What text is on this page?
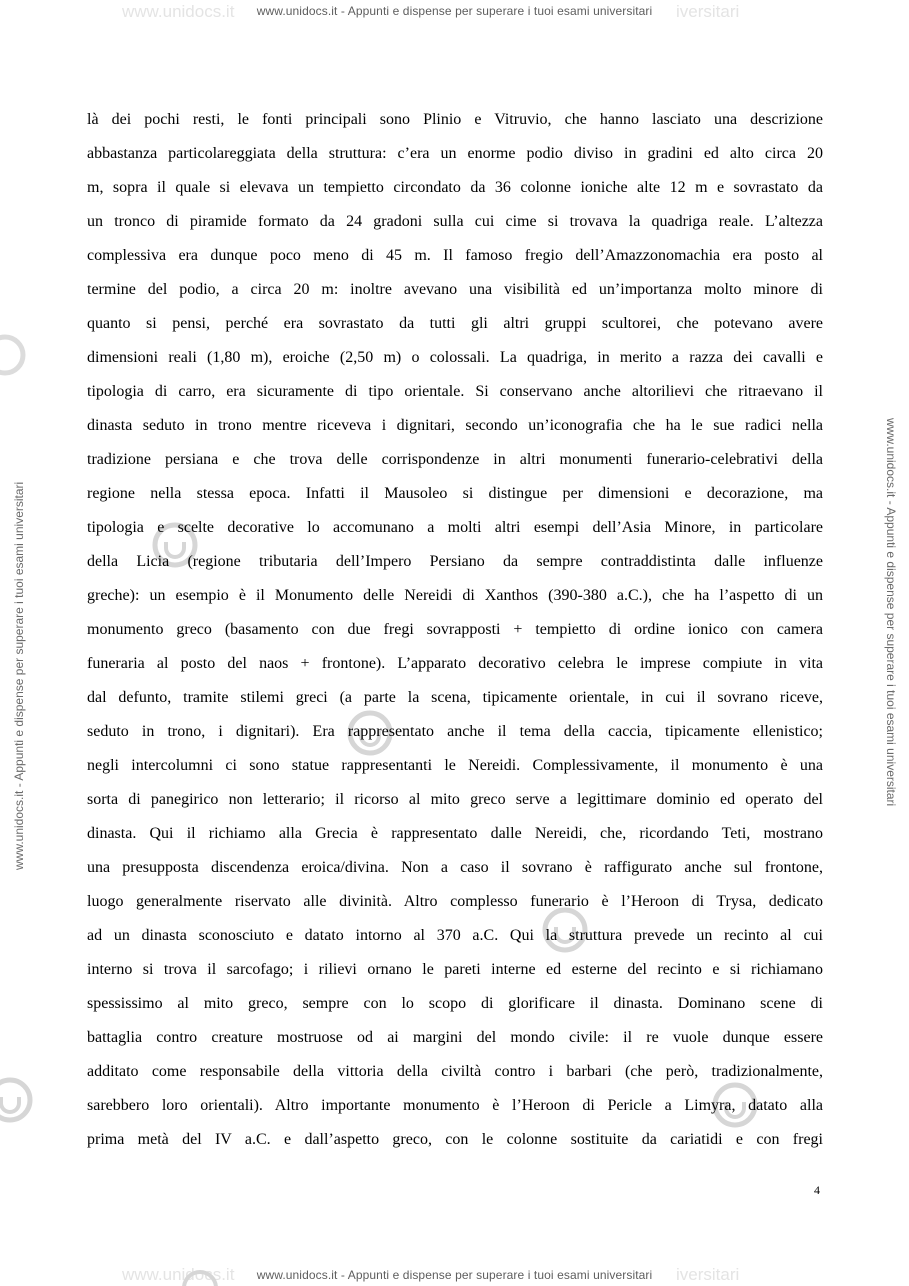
www.unidocs.it	iversitari
www.unidocs.it - Appunti e dispense per superare i tuoi esami universitari
www.unidocs.it - Appunti e dispense per superare i tuoi esami universitari	www.unidocs.it - Appunti e dispense per superare i tuoi esami universitari
là dei pochi resti, le fonti principali sono Plinio e Vitruvio, che hanno lasciato una descrizione
abbastanza particolareggiata della struttura: c’era un enorme podio diviso in gradini ed alto circa 20
m, sopra il quale si elevava un tempietto circondato da 36 colonne ioniche alte 12 m e sovrastato da
un tronco di piramide formato da 24 gradoni sulla cui cime si trovava la quadriga reale. L’altezza
complessiva era dunque poco meno di 45 m. Il famoso fregio dell’Amazzonomachia era posto al
termine del podio, a circa 20 m: inoltre avevano una visibilità ed un’importanza molto minore di
quanto si pensi, perché era sovrastato da tutti gli altri gruppi scultorei, che potevano avere
dimensioni reali (1,80 m), eroiche (2,50 m) o colossali. La quadriga, in merito a razza dei cavalli e
tipologia di carro, era sicuramente di tipo orientale. Si conservano anche altorilievi che ritraevano il
dinasta seduto in trono mentre riceveva i dignitari, secondo un’iconografia che ha le sue radici nella
tradizione persiana e che trova delle corrispondenze in altri monumenti funerario-celebrativi della
regione nella stessa epoca. Infatti il Mausoleo si distingue per dimensioni e decorazione, ma
tipologia e scelte decorative lo accomunano a molti altri esempi dell’Asia Minore, in particolare
della Licia (regione tributaria dell’Impero Persiano da sempre contraddistinta dalle influenze
greche): un esempio è il Monumento delle Nereidi di Xanthos (390-380 a.C.), che ha l’aspetto di un
monumento greco (basamento con due fregi sovrapposti + tempietto di ordine ionico con camera
funeraria al posto del naos + frontone). L’apparato decorativo celebra le imprese compiute in vita
dal defunto, tramite stilemi greci (a parte la scena, tipicamente orientale, in cui il sovrano riceve,
seduto in trono, i dignitari). Era rappresentato anche il tema della caccia, tipicamente ellenistico;
negli intercolumni ci sono statue rappresentanti le Nereidi. Complessivamente, il monumento è una
sorta di panegirico non letterario; il ricorso al mito greco serve a legittimare dominio ed operato del
dinasta. Qui il richiamo alla Grecia è rappresentato dalle Nereidi, che, ricordando Teti, mostrano
una presupposta discendenza eroica/divina. Non a caso il sovrano è raffigurato anche sul frontone,
luogo generalmente riservato alle divinità. Altro complesso funerario è l’Heroon di Trysa, dedicato
ad un dinasta sconosciuto e datato intorno al 370 a.C. Qui la struttura prevede un recinto al cui
interno si trova il sarcofago; i rilievi ornano le pareti interne ed esterne del recinto e si richiamano
spessissimo al mito greco, sempre con lo scopo di glorificare il dinasta. Dominano scene di
battaglia contro creature mostruose od ai margini del mondo civile: il re vuole dunque essere
additato come responsabile della vittoria della civiltà contro i barbari (che però, tradizionalmente,
sarebbero loro orientali). Altro importante monumento è l’Heroon di Pericle a Limyra, datato alla
prima metà del IV a.C. e dall’aspetto greco, con le colonne sostituite da cariatidi e con fregi
4
www.unidocs.it	iversitari
www.unidocs.it - Appunti e dispense per superare i tuoi esami universitari
